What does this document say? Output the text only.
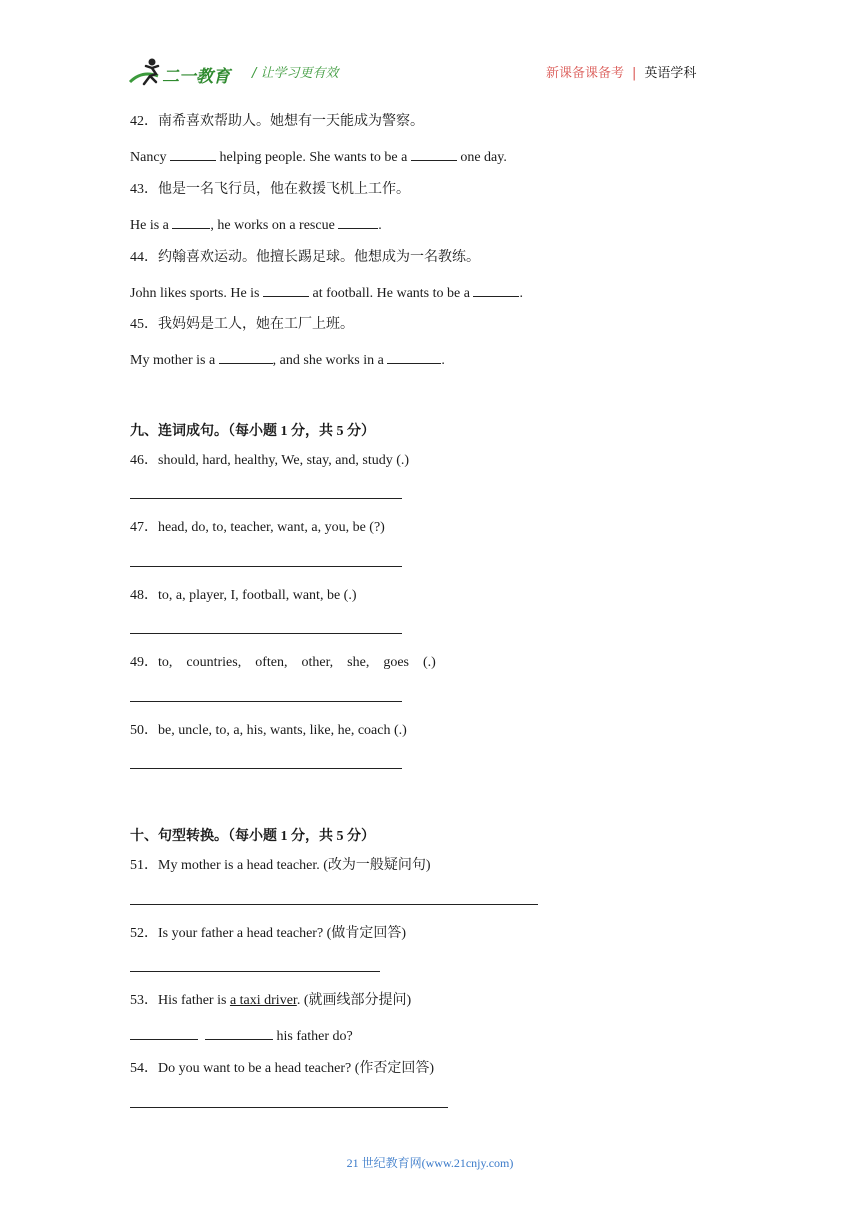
二一教育 / 让学习更有效	新课备课备考 | 英语学科
42．南希喜欢帮助人。她想有一天能成为警察。
Nancy	helping people. She wants to be a	one day.
43．他是一名飞行员，他在救援飞机上工作。
He is a	, he works on a rescue	.
44．约翰喜欢运动。他擅长踢足球。他想成为一名教练。
John likes sports. He is	at football. He wants to be a	.
45．我妈妈是工人，她在工厂上班。
My mother is a	, and she works in a	.
九、连词成句。（每小题 1 分，共 5 分）
46．should, hard, healthy, We, stay, and, study (.)
47．head, do, to, teacher, want, a, you, be (?)
48．to, a, player, I, football, want, be (.)
49．to,    countries,    often,    other,    she,    goes    (.)
50．be, uncle, to, a, his, wants, like, he, coach (.)
十、句型转换。（每小题 1 分，共 5 分）
51．My mother is a head teacher. (改为一般疑问句)
52．Is your father a head teacher? (做肯定回答)
53．His father is a taxi driver. (就画线部分提问)
his father do?
54．Do you want to be a head teacher? (作否定回答)
21 世纪教育网(www.21cnjy.com)
